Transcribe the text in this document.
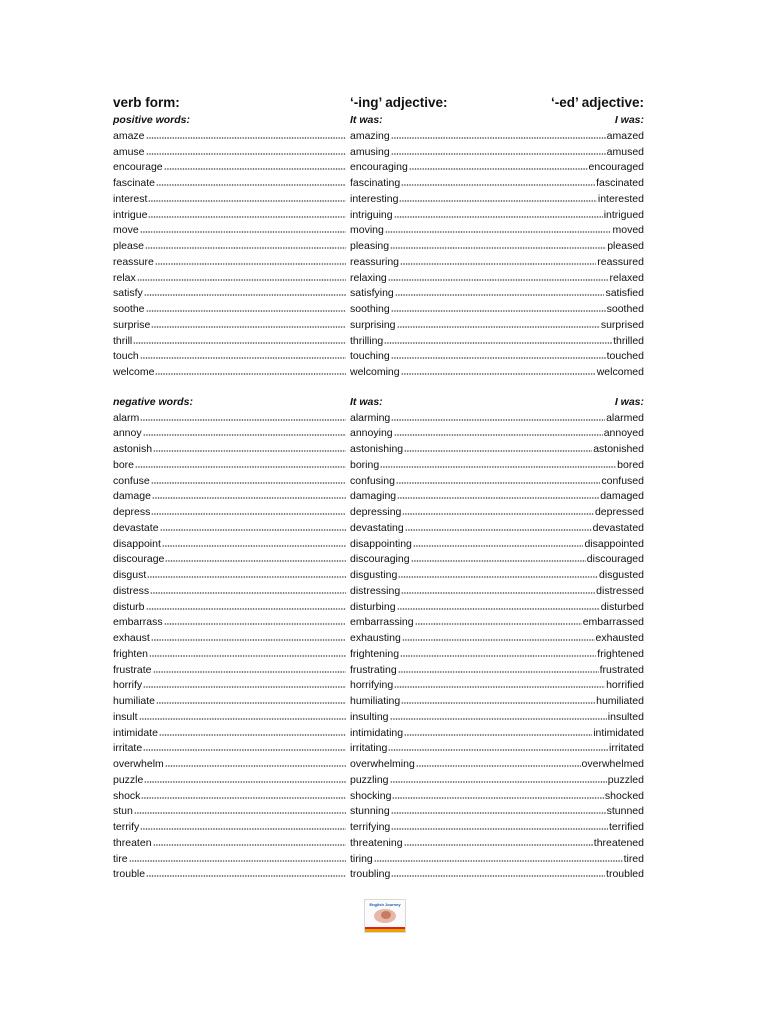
verb form:	‘-ing’ adjective:	‘-ed’ adjective:
positive words:	It was:	I was:
amaze	amazing	amazed
amuse	amusing	amused
encourage	encouraging	encouraged
fascinate	fascinating	fascinated
interest	interesting	interested
intrigue	intriguing	intrigued
move	moving	moved
please	pleasing	pleased
reassure	reassuring	reassured
relax	relaxing	relaxed
satisfy	satisfying	satisfied
soothe	soothing	soothed
surprise	surprising	surprised
thrill	thrilling	thrilled
touch	touching	touched
welcome	welcoming	welcomed
negative words:	It was:	I was:
alarm	alarming	alarmed
annoy	annoying	annoyed
astonish	astonishing	astonished
bore	boring	bored
confuse	confusing	confused
damage	damaging	damaged
depress	depressing	depressed
devastate	devastating	devastated
disappoint	disappointing	disappointed
discourage	discouraging	discouraged
disgust	disgusting	disgusted
distress	distressing	distressed
disturb	disturbing	disturbed
embarrass	embarrassing	embarrassed
exhaust	exhausting	exhausted
frighten	frightening	frightened
frustrate	frustrating	frustrated
horrify	horrifying	horrified
humiliate	humiliating	humiliated
insult	insulting	insulted
intimidate	intimidating	intimidated
irritate	irritating	irritated
overwhelm	overwhelming	overwhelmed
puzzle	puzzling	puzzled
shock	shocking	shocked
stun	stunning	stunned
terrify	terrifying	terrified
threaten	threatening	threatened
tire	tiring	tired
trouble	troubling	troubled
English Journey
